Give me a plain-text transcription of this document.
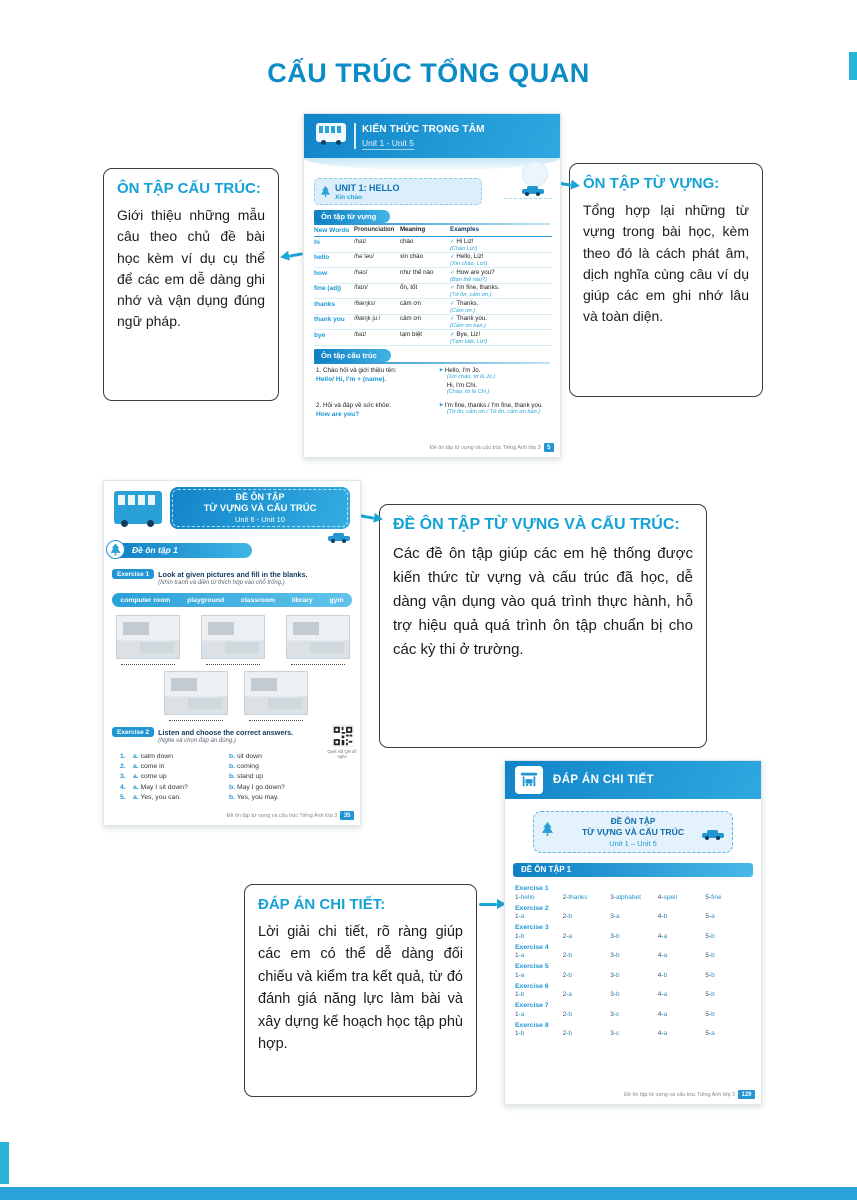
CẤU TRÚC TỔNG QUAN
ÔN TẬP CẤU TRÚC:

Giới thiệu những mẫu câu theo chủ đề bài học kèm ví dụ cụ thể để các em dễ dàng ghi nhớ và vận dụng đúng ngữ pháp.

ÔN TẬP TỪ VỰNG:

Tổng hợp lại những từ vựng trong bài học, kèm theo đó là cách phát âm, dịch nghĩa cùng câu ví dụ giúp các em ghi nhớ lâu và toàn diện.

ĐỀ ÔN TẬP TỪ VỰNG VÀ CẤU TRÚC:

Các đề ôn tập giúp các em hệ thống được kiến thức từ vựng và cấu trúc đã học, dễ dàng vận dụng vào quá trình thực hành, hỗ trợ hiệu quả quá trình ôn tập chuẩn bị cho các kỳ thi ở trường.

ĐÁP ÁN CHI TIẾT:

Lời giải chi tiết, rõ ràng giúp các em có thể dễ dàng đối chiếu và kiểm tra kết quả, từ đó đánh giá năng lực làm bài và xây dựng kế hoạch học tập phù hợp.

KIẾN THỨC TRỌNG TÂM
Unit 1 - Unit 5
UNIT 1: HELLO
Xin chào
Ôn tập từ vựng
New Words Pronunciation Meaning	Examples
hi	/haɪ/	chào	✓ Hi Liz!
(Chào Liz!)
hello	/həˈləʊ/	xin chào	✓ Hello, Liz!
(Xin chào, Liz!)
how	/haʊ/	như thế nào	✓ How are you?
(Bạn thế nào?)
fine (adj)	/faɪn/	ổn, tốt	✓ I'm fine, thanks.
(Tớ ổn, cảm ơn.)
thanks	/θæŋks/	cảm ơn	✓ Thanks.
(Cảm ơn.)
thank you	/θæŋk juː/	cảm ơn	✓ Thank you.
(Cảm ơn bạn.)
bye	/baɪ/	tạm biệt	✓ Bye, Liz!
(Tạm biệt, Liz!)
Ôn tập cấu trúc
1. Chào hỏi và giới thiệu tên:
Hello/ Hi, I'm + (name).
▶ Hello, I'm Jo.
(Xin chào, tớ là Jo.)
Hi, I'm Chi.
(Chào, tớ là Chi.)
2. Hỏi và đáp về sức khỏe:
How are you?
▶ I'm fine, thanks./ I'm fine, thank you.
(Tớ ổn, cảm ơn./ Tớ ổn, cảm ơn bạn.)
Đề ôn tập từ vựng và cấu trúc Tiếng Anh lớp 3	5
ĐỀ ÔN TẬP
TỪ VỰNG VÀ CẤU TRÚC
Unit 6 - Unit 10
Đề ôn tập 1
Exercise 1	Look at given pictures and fill in the blanks.
(Nhìn tranh và điền từ thích hợp vào chỗ trống.)
computer room playground classroom library gym
Exercise 2	Listen and choose the correct answers.
(Nghe và chọn đáp án đúng.)
Quét mã QR để nghe
1.	a. calm down	b. sit down
2.	a. come in	b. coming
3.	a. come up	b. stand up
4.	a. May I sit down?	b. May I go down?
5.	a. Yes, you can.	b. Yes, you may.
Đề ôn tập từ vựng và cấu trúc Tiếng Anh lớp 3	35
ĐÁP ÁN CHI TIẾT
ĐỀ ÔN TẬP
TỪ VỰNG VÀ CẤU TRÚC
Unit 1 – Unit 5
ĐỀ ÔN TẬP 1
Exercise 1
1-hello	2-thanks	3-alphabet	4-spell	5-fine
Exercise 2
1-a	2-b	3-a	4-b	5-a
Exercise 3
1-b	2-a	3-b	4-a	5-b
Exercise 4
1-a	2-b	3-b	4-a	5-b
Exercise 5
1-a	2-b	3-b	4-b	5-b
Exercise 6
1-b	2-a	3-b	4-a	5-b
Exercise 7
1-a	2-b	3-c	4-a	5-b
Exercise 8
1-b	2-b	3-c	4-a	5-a
Đề ôn tập từ vựng và cấu trúc Tiếng Anh lớp 3	129
